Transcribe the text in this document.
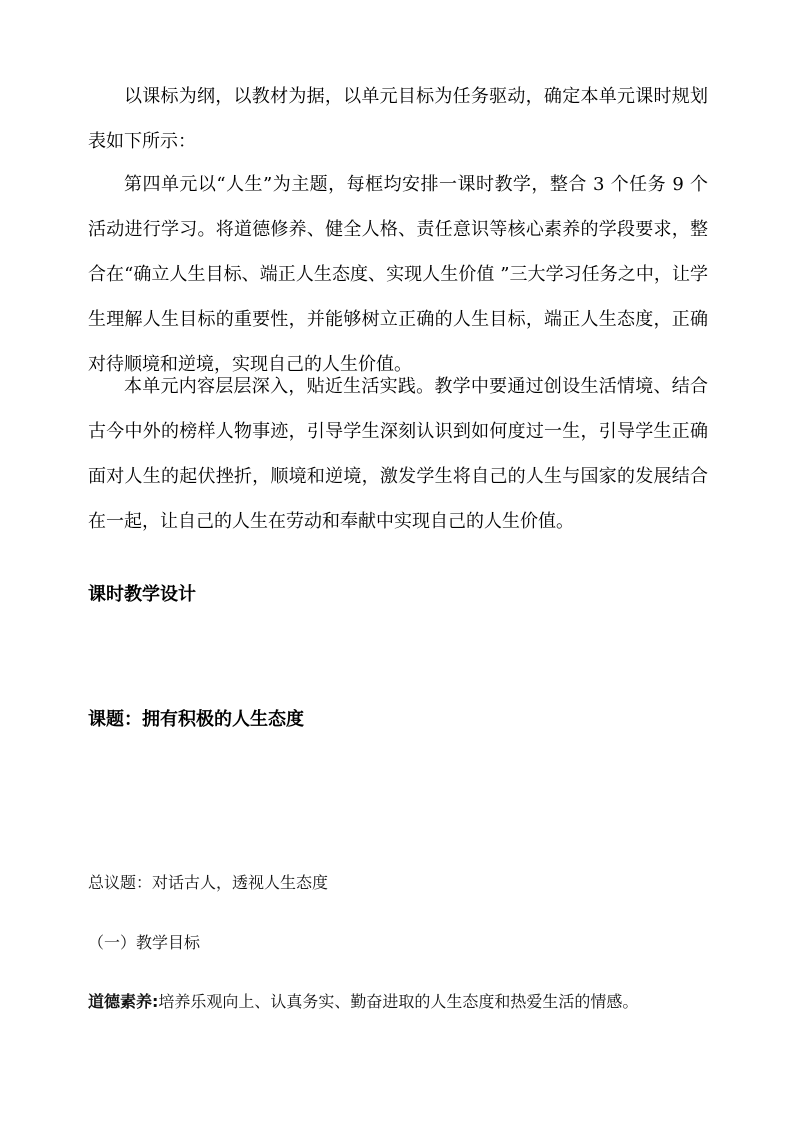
以课标为纲，以教材为据，以单元目标为任务驱动，确定本单元课时规划表如下所示：

第四单元以“人生”为主题，每框均安排一课时教学，整合 3 个任务 9 个活动进行学习。将道德修养、健全人格、责任意识等核心素养的学段要求，整合在“确立人生目标、端正人生态度、实现人生价值 ”三大学习任务之中，让学生理解人生目标的重要性，并能够树立正确的人生目标，端正人生态度，正确对待顺境和逆境，实现自己的人生价值。

本单元内容层层深入，贴近生活实践。教学中要通过创设生活情境、结合古今中外的榜样人物事迹，引导学生深刻认识到如何度过一生，引导学生正确面对人生的起伏挫折，顺境和逆境，激发学生将自己的人生与国家的发展结合在一起，让自己的人生在劳动和奉献中实现自己的人生价值。

课时教学设计
课题：拥有积极的人生态度

总议题：对话古人，透视人生态度

（一）教学目标

道德素养:培养乐观向上、认真务实、勤奋进取的人生态度和热爱生活的情感。
